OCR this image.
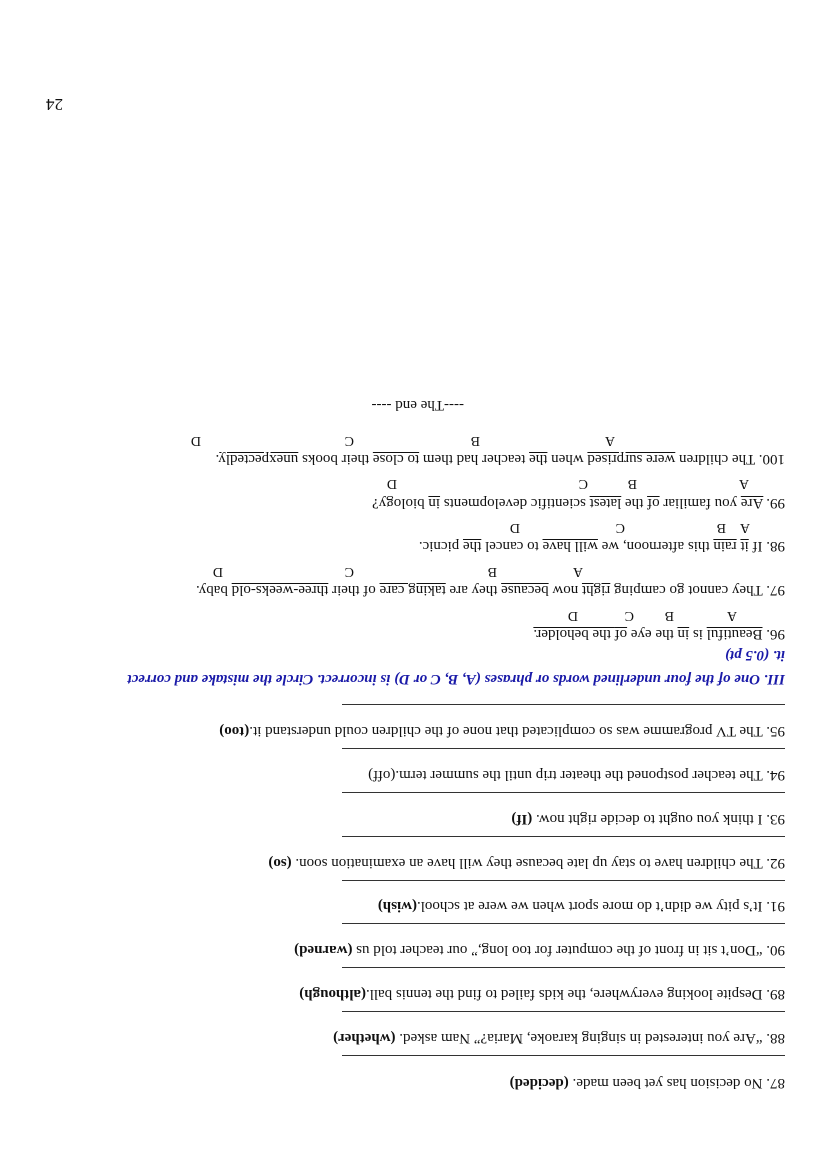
87. No decision has yet been made. (decided)
88. “Are you interested in singing karaoke, Maria?” Nam asked. (whether)
89. Despite looking everywhere, the kids failed to find the tennis ball.(although)
90. “Don’t sit in front of the computer for too long,” our teacher told us (warned)
91. It’s pity we didn’t do more sport when we were at school.(wish)
92. The children have to stay up late because they will have an examination soon. (so)
93. I think you ought to decide right now. (If)
94. The teacher postponed the theater trip until the summer term.(off)
95. The TV programme was so complicated that none of the children could understand it.(too)
III. One of the four underlined words or phrases (A, B, C or D) is incorrect. Circle the mistake and correct
it. (0.5 pt)
96. Beautiful is in the eye of the beholder.
A
B
C
D
97. They cannot go camping right now because they are taking care of their three-weeks-old baby.
A
B
C
D
98. If it rain this afternoon, we will have to cancel the picnic.
A
B
C
D
99. Are you familiar of the latest scientific developments in biology?
A
B
C
D
100. The children were surprised when the teacher had them to close their books unexpectedly.
A
B
C
D
----The end ----
24
